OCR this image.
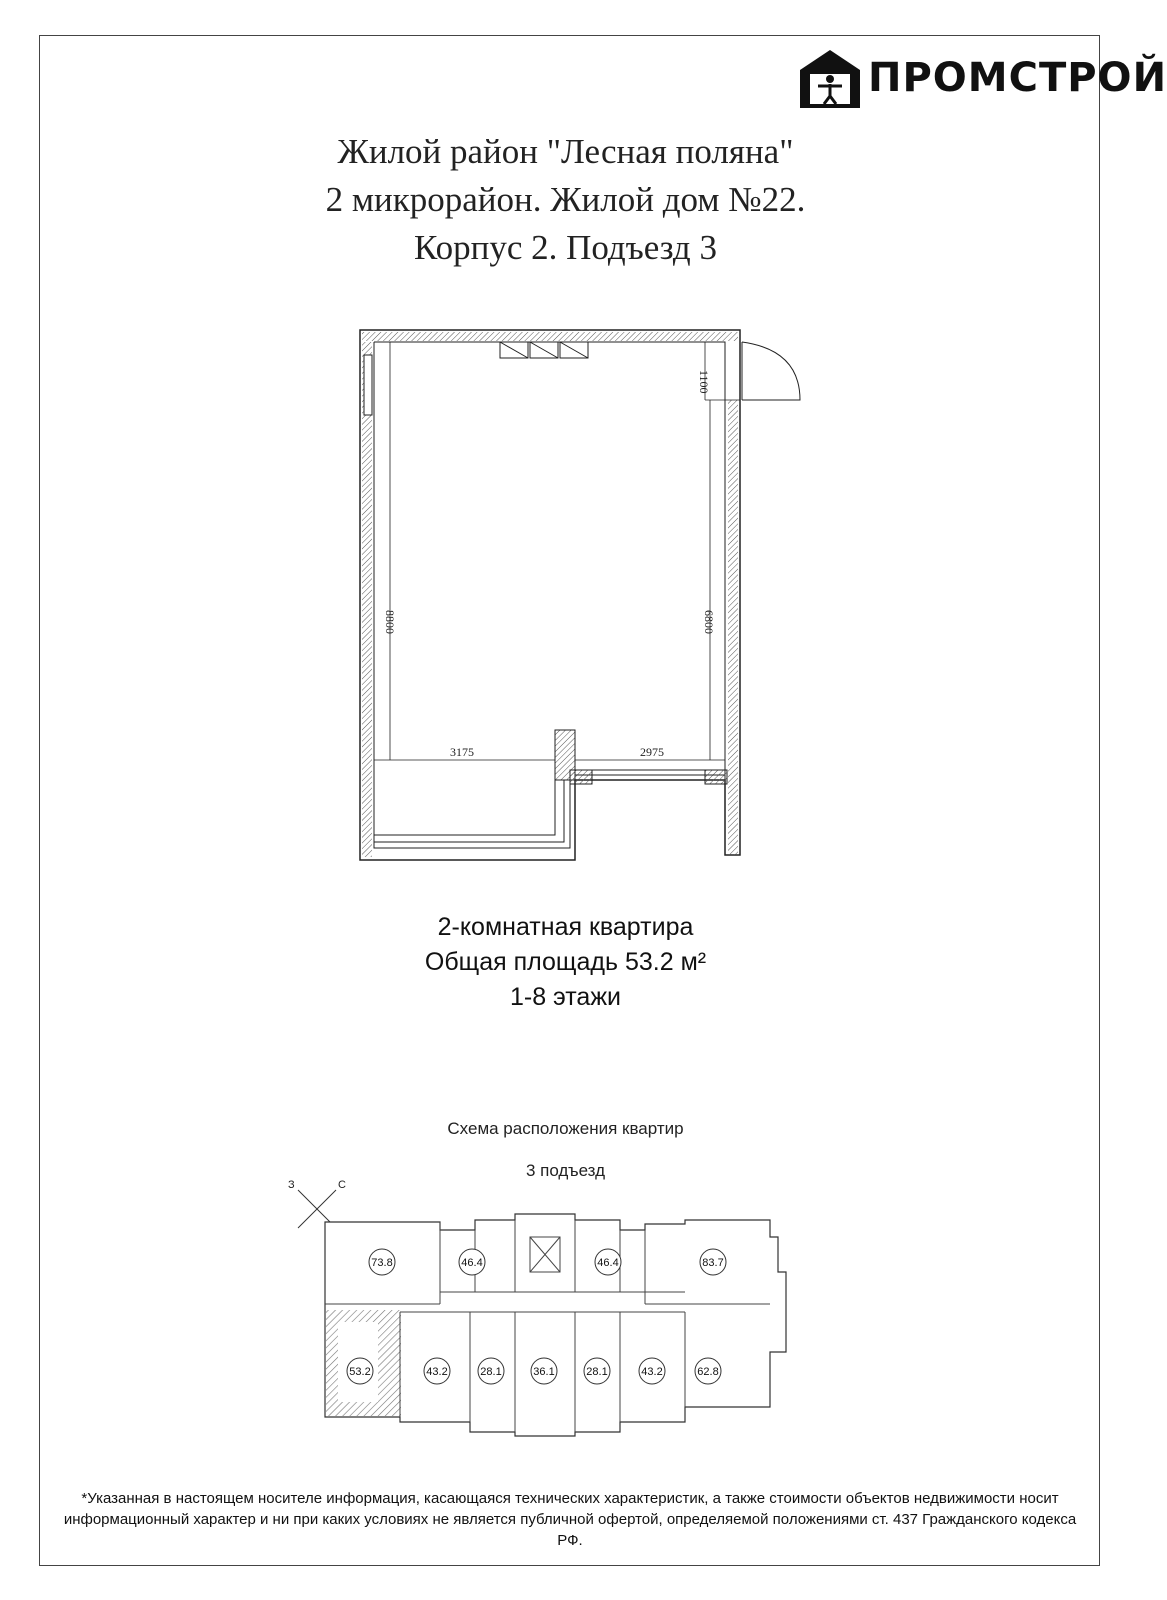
ПРОМСТРОЙ
Жилой район "Лесная поляна"
2 микрорайон. Жилой дом №22.
Корпус 2. Подъезд 3
8800	6800
1100
3175	2975
2-комнатная квартира
Общая площадь 53.2 м²
1-8 этажи
Схема расположения квартир
3 подъезд
З	С
73.8	46.4	46.4	83.7
53.2	43.2	28.1	36.1	28.1	43.2	62.8
*Указанная в настоящем носителе информация, касающаяся технических характеристик, а также стоимости объектов недвижимости носит
информационный характер и ни при каких условиях не является публичной офертой, определяемой положениями ст. 437 Гражданского кодекса РФ.
